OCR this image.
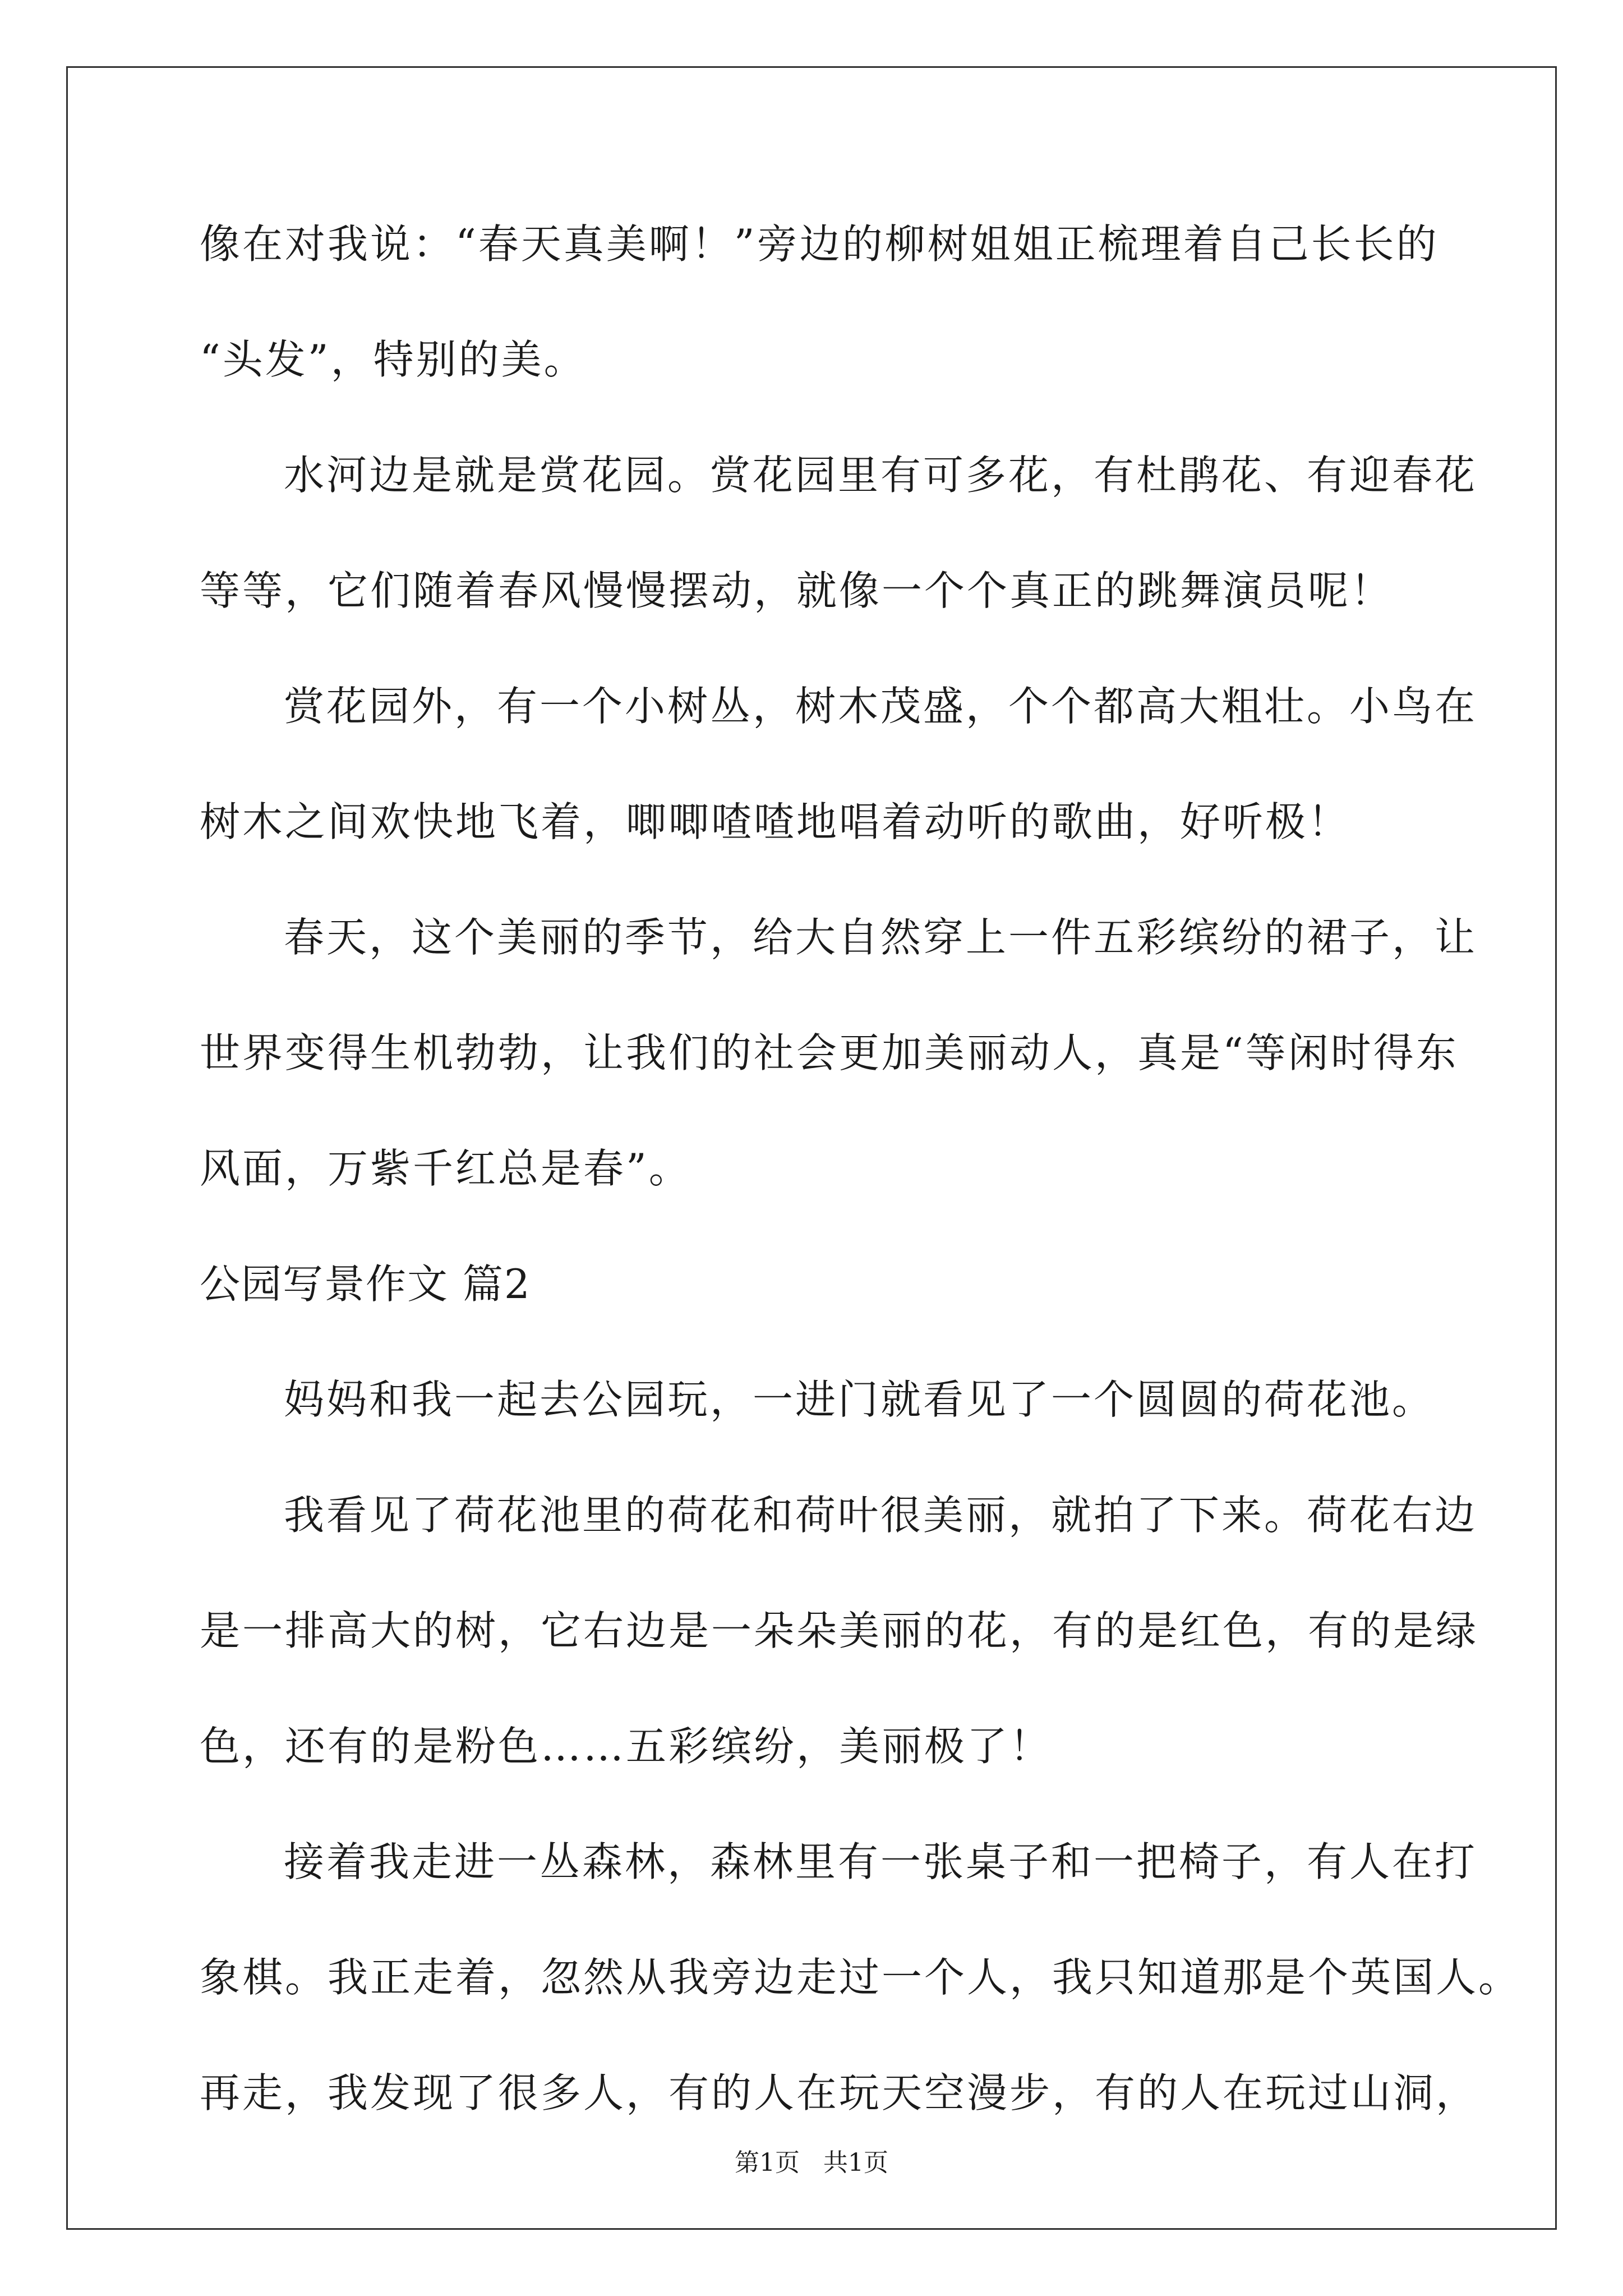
像在对我说：“春天真美啊！”旁边的柳树姐姐正梳理着自己长长的
“头发”，特别的美。
水河边是就是赏花园。赏花园里有可多花，有杜鹃花、有迎春花
等等，它们随着春风慢慢摆动，就像一个个真正的跳舞演员呢！
赏花园外，有一个小树丛，树木茂盛，个个都高大粗壮。小鸟在
树木之间欢快地飞着，唧唧喳喳地唱着动听的歌曲，好听极！
春天，这个美丽的季节，给大自然穿上一件五彩缤纷的裙子，让
世界变得生机勃勃，让我们的社会更加美丽动人，真是“等闲时得东
风面，万紫千红总是春”。
公园写景作文 篇2
妈妈和我一起去公园玩，一进门就看见了一个圆圆的荷花池。
我看见了荷花池里的荷花和荷叶很美丽，就拍了下来。荷花右边
是一排高大的树，它右边是一朵朵美丽的花，有的是红色，有的是绿
色，还有的是粉色……五彩缤纷，美丽极了！
接着我走进一丛森林，森林里有一张桌子和一把椅子，有人在打
象棋。我正走着，忽然从我旁边走过一个人，我只知道那是个英国人。
再走，我发现了很多人，有的人在玩天空漫步，有的人在玩过山洞，
第1页   共1页
